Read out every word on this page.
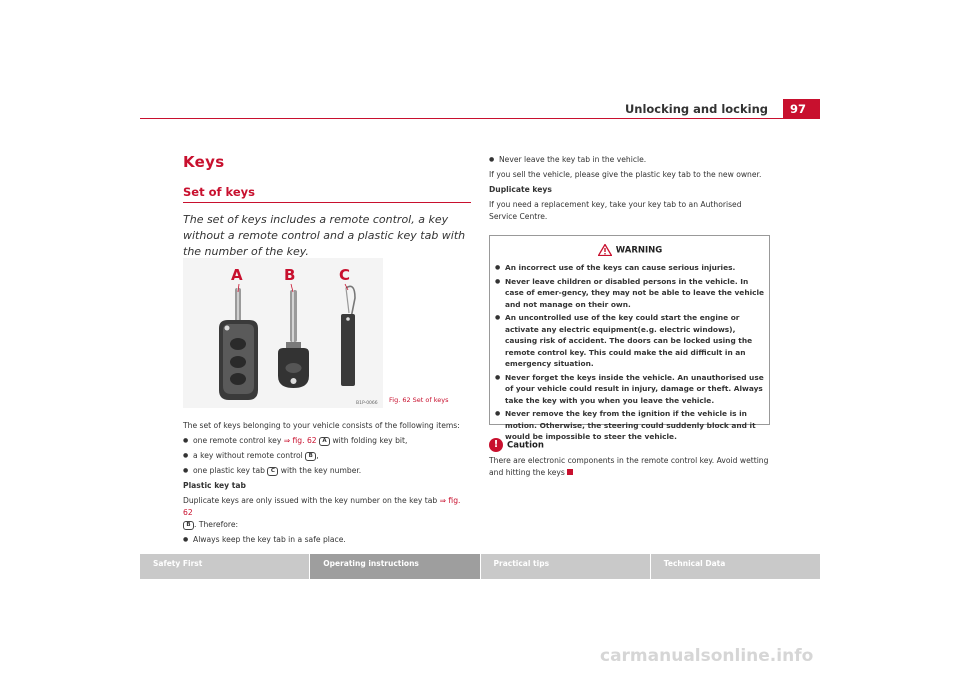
Unlocking and locking	97
Keys
Set of keys
The set of keys includes a remote control, a key without a remote control and a plastic key tab with the number of the key.
A	B	C
B1P-0066 Fig. 62 Set of keys

The set of keys belonging to your vehicle consists of the following items:

● one remote control key ⇒ fig. 62 A with folding key bit,
● a key without remote control B ,
● one plastic key tab C with the key number.

Plastic key tab

Duplicate keys are only issued with the key number on the key tab ⇒ fig. 62
B . Therefore:

● Always keep the key tab in a safe place.
● Never leave the key tab in the vehicle.

If you sell the vehicle, please give the plastic key tab to the new owner.

Duplicate keys

If you need a replacement key, take your key tab to an Authorised Service Centre.

WARNING
● An incorrect use of the keys can cause serious injuries.
● Never leave children or disabled persons in the vehicle. In case of emer-gency, they may not be able to leave the vehicle and not manage on their own.
● An uncontrolled use of the key could start the engine or activate any electric equipment(e.g. electric windows), causing risk of accident. The doors can be locked using the remote control key. This could make the aid difficult in an emergency situation.
● Never forget the keys inside the vehicle. An unauthorised use of your vehicle could result in injury, damage or theft. Always take the key with you when you leave the vehicle.
● Never remove the key from the ignition if the vehicle is in motion. Otherwise, the steering could suddenly block and it would be impossible to steer the vehicle.
! Caution
There are electronic components in the remote control key. Avoid wetting and hitting the keys
Safety First	Operating instructions	Practical tips	Technical Data
carmanualsonline.info
